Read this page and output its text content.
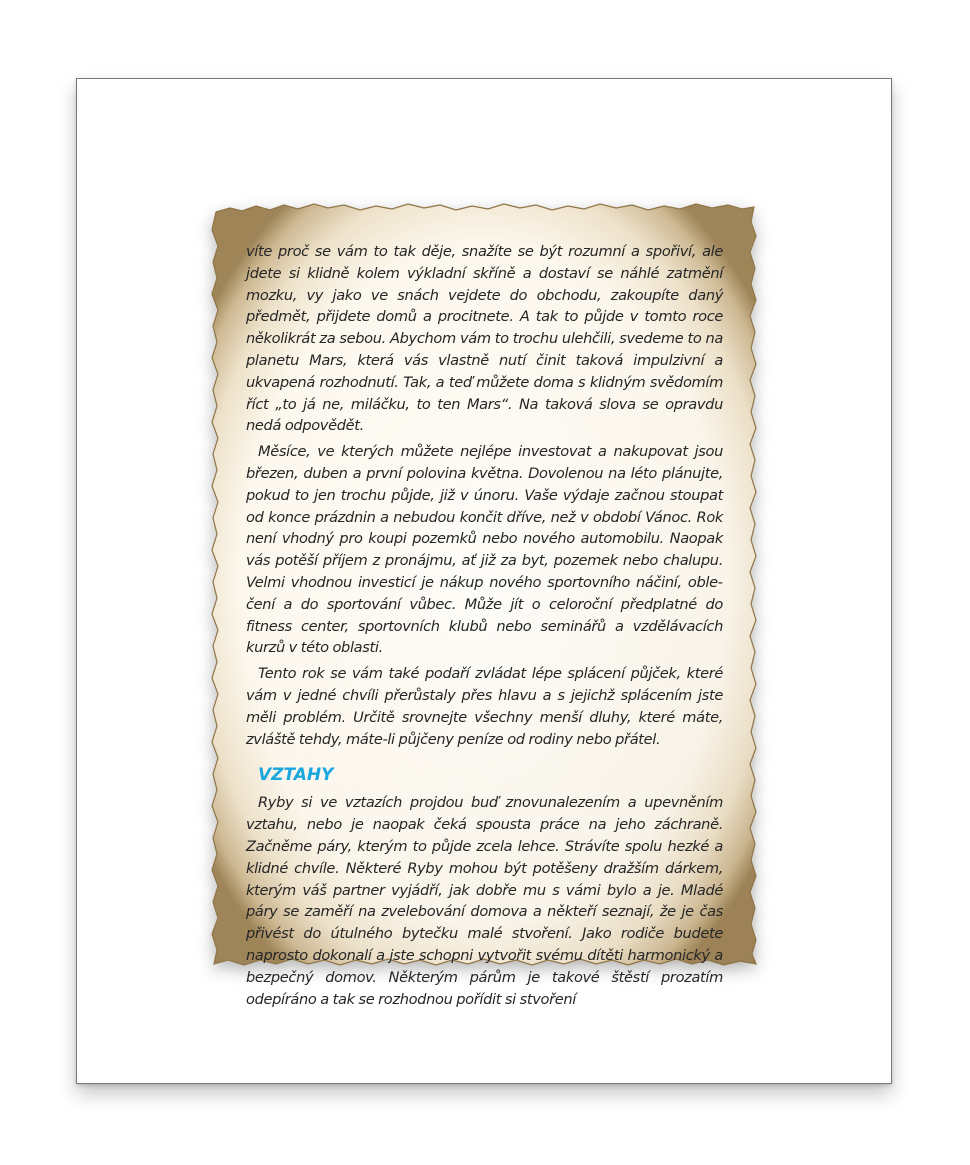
víte proč se vám to tak děje, snažíte se být rozumní a spořiví, ale jdete si klidně kolem výkladní skříně a dostaví se náhlé zatmění mozku, vy jako ve snách vejdete do obchodu, zakoupíte daný předmět, přijdete domů a procitnete. A tak to půjde v tomto roce několikrát za sebou. Abychom vám to trochu ulehčili, svedeme to na planetu Mars, která vás vlastně nutí činit taková impulzivní a ukvapená rozhodnutí. Tak, a teď můžete doma s klidným svědomím říct „to já ne, miláčku, to ten Mars“. Na taková slova se opravdu nedá odpovědět.

Měsíce, ve kterých můžete nejlépe investovat a nakupovat jsou březen, duben a první polovina května. Dovolenou na léto plánujte, pokud to jen trochu půjde, již v únoru. Vaše výdaje začnou stoupat od konce prázdnin a nebudou končit dříve, než v období Vánoc. Rok není vhodný pro koupi pozemků nebo nového automobilu. Naopak vás potěší příjem z pronájmu, ať již za byt, pozemek nebo chalupu. Velmi vhodnou investicí je nákup nového sportovního náčiní, oblečení a do sportování vůbec. Může jít o celoroční předplatné do fitness center, sportovních klubů nebo seminářů a vzdělávacích kurzů v této oblasti.

Tento rok se vám také podaří zvládat lépe splácení půjček, které vám v jedné chvíli přerůstaly přes hlavu a s jejichž splácením jste měli problém. Určitě srovnejte všechny menší dluhy, které máte, zvláště tehdy, máte-li půjčeny peníze od rodiny nebo přátel.

VZTAHY

Ryby si ve vztazích projdou buď znovunalezením a upevněním vztahu, nebo je naopak čeká spousta práce na jeho záchraně. Začněme páry, kterým to půjde zcela lehce. Strávíte spolu hezké a klidné chvíle. Některé Ryby mohou být potěšeny dražším dárkem, kterým váš partner vyjádří, jak dobře mu s vámi bylo a je. Mladé páry se zaměří na zvelebování domova a někteří seznají, že je čas přivést do útulného bytečku malé stvoření. Jako rodiče budete naprosto dokonalí a jste schopni vytvořit svému dítěti harmonický a bezpečný domov. Některým párům je takové štěstí prozatím odepíráno a tak se rozhodnou pořídit si stvoření
